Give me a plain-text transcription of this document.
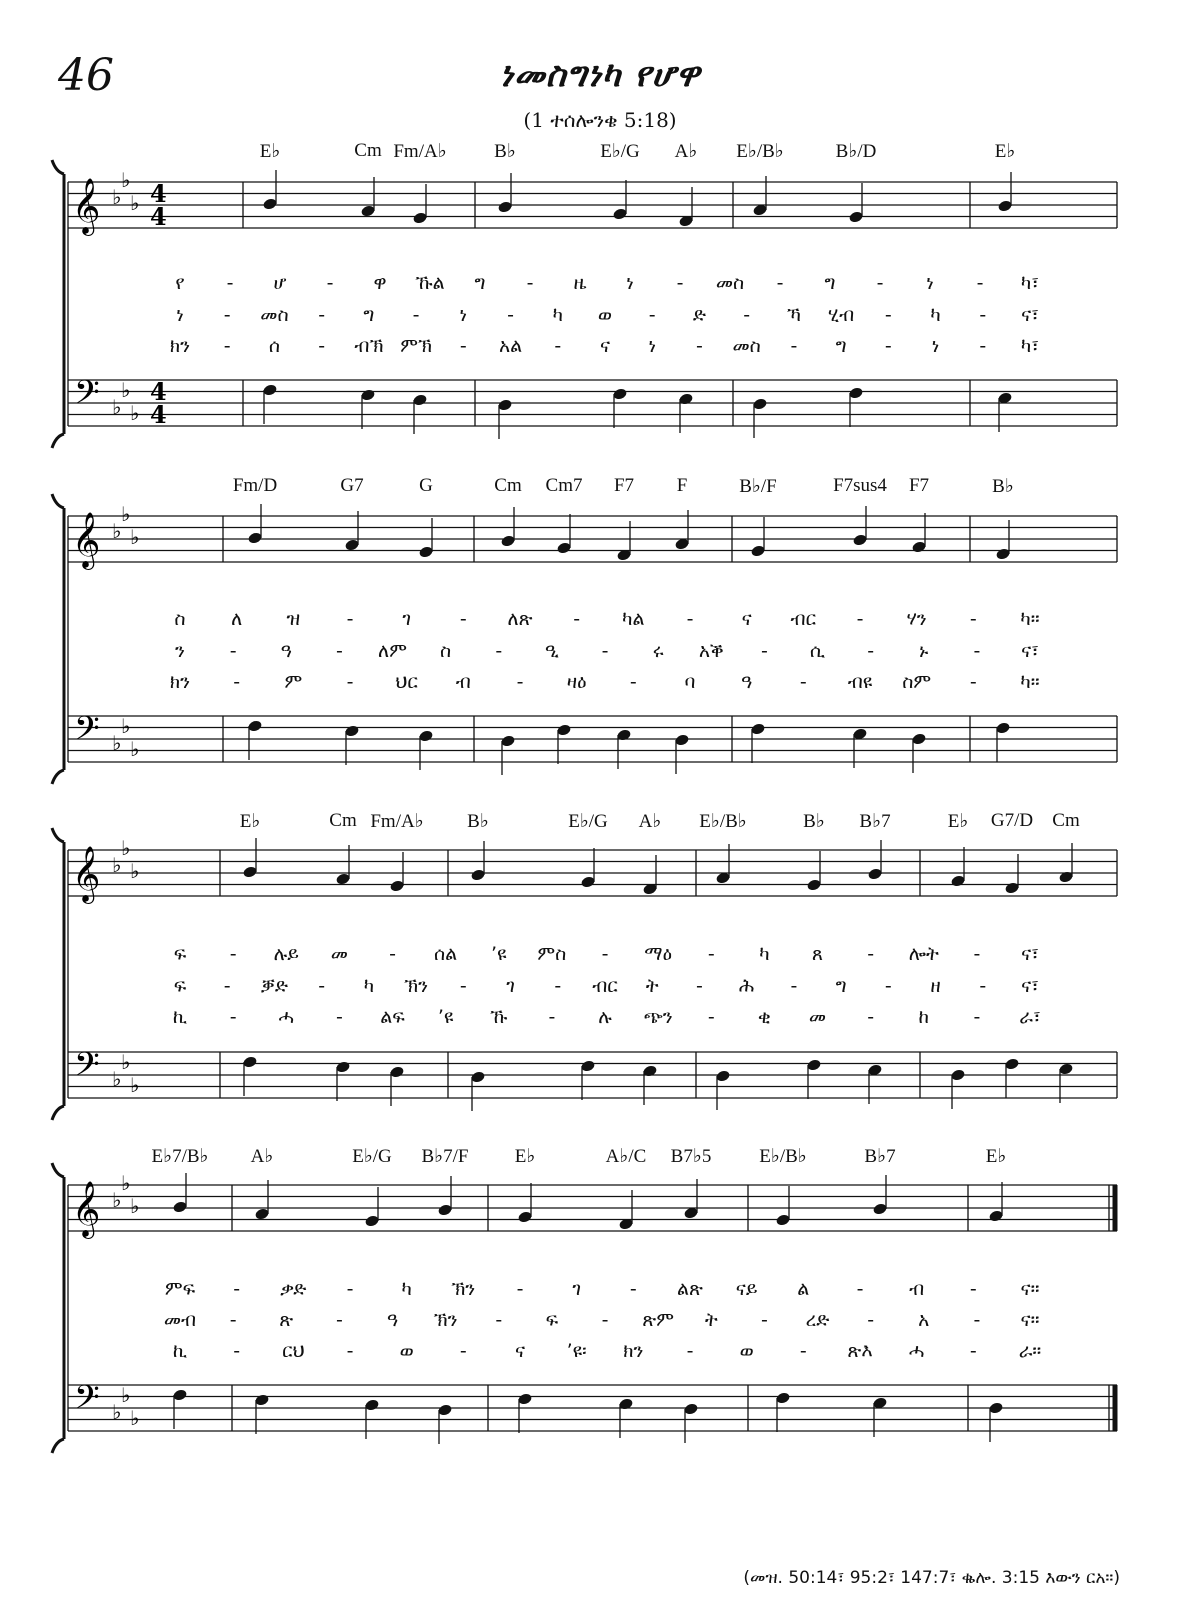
46	ነመስግነካ የሆዋ
(1 ተሰሎንቄ 5:18)
E♭	Cm Fm/A♭	B♭	E♭/G A♭ E♭/B♭	B♭/D	E♭
𝄞
𝄢
♭
♭
♭
♭
♭
♭
4
4
4
4
የ - ሆ - ዋ ኹል ግ - ዜ ነ - መስ - ግ - ነ - ካ፣
ነ - መስ - ግ - ነ - ካ ወ - ድ - ኻ ሂብ - ካ - ና፣
ክን - ሰ - ብኽ ምኽ - አል - ና ነ - መስ - ግ - ነ - ካ፣
Fm/D	G7	G	Cm Cm7 F7 F	B♭/F	F7sus4 F7	B♭
𝄞
𝄢
♭
♭
♭
♭
♭
♭
ስ ለ ዝ -	ገ	- ለጽ - ካል -	ና ብር - ሃን - ካ።
ን - ዓ - ለም ስ - ዒ - ሩ አቕ - ሲ - ኑ - ና፣
ክን - ም - ህር ብ - ዛዕ -	ባ ዓ	- ብዩ ስም - ካ።
E♭	Cm Fm/A♭ B♭	E♭/G A♭ E♭/B♭	B♭ B♭7	E♭ G7/D Cm
𝄞
𝄢
♭
♭
♭
♭
♭
♭
ፍ - ሉይ መ - ሰል ’ዩ ምስ - ማዕ - ካ ጸ - ሎት - ና፣
ፍ - ቓድ - ካ ኽን - ገ - ብር ት - ሕ - ግ - ዘ - ና፣
ኪ - ሓ - ልፍ ’ዩ ኹ - ሉ ጭን - ቂ መ - ከ - ራ፣
E♭7/B♭ A♭	E♭/G B♭7/F E♭	A♭/C B7♭5	E♭/B♭	B♭7	E♭
𝄞
𝄢
♭
♭
♭
♭
♭
♭
ምፍ - ቃድ -	ካ ኽን -	ገ	- ልጽ ናይ ል - ብ - ና።
መብ - ጽ - ዓ ኽን - ፍ - ጽም ት - ረድ - አ - ና።
ኪ - ርህ - ወ -	ና ’ዩ፡ ክን - ወ - ጽእ ሓ - ራ።
(መዝ. 50:14፣ 95:2፣ 147:7፣ ቈሎ. 3:15 እውን ርአ።)
